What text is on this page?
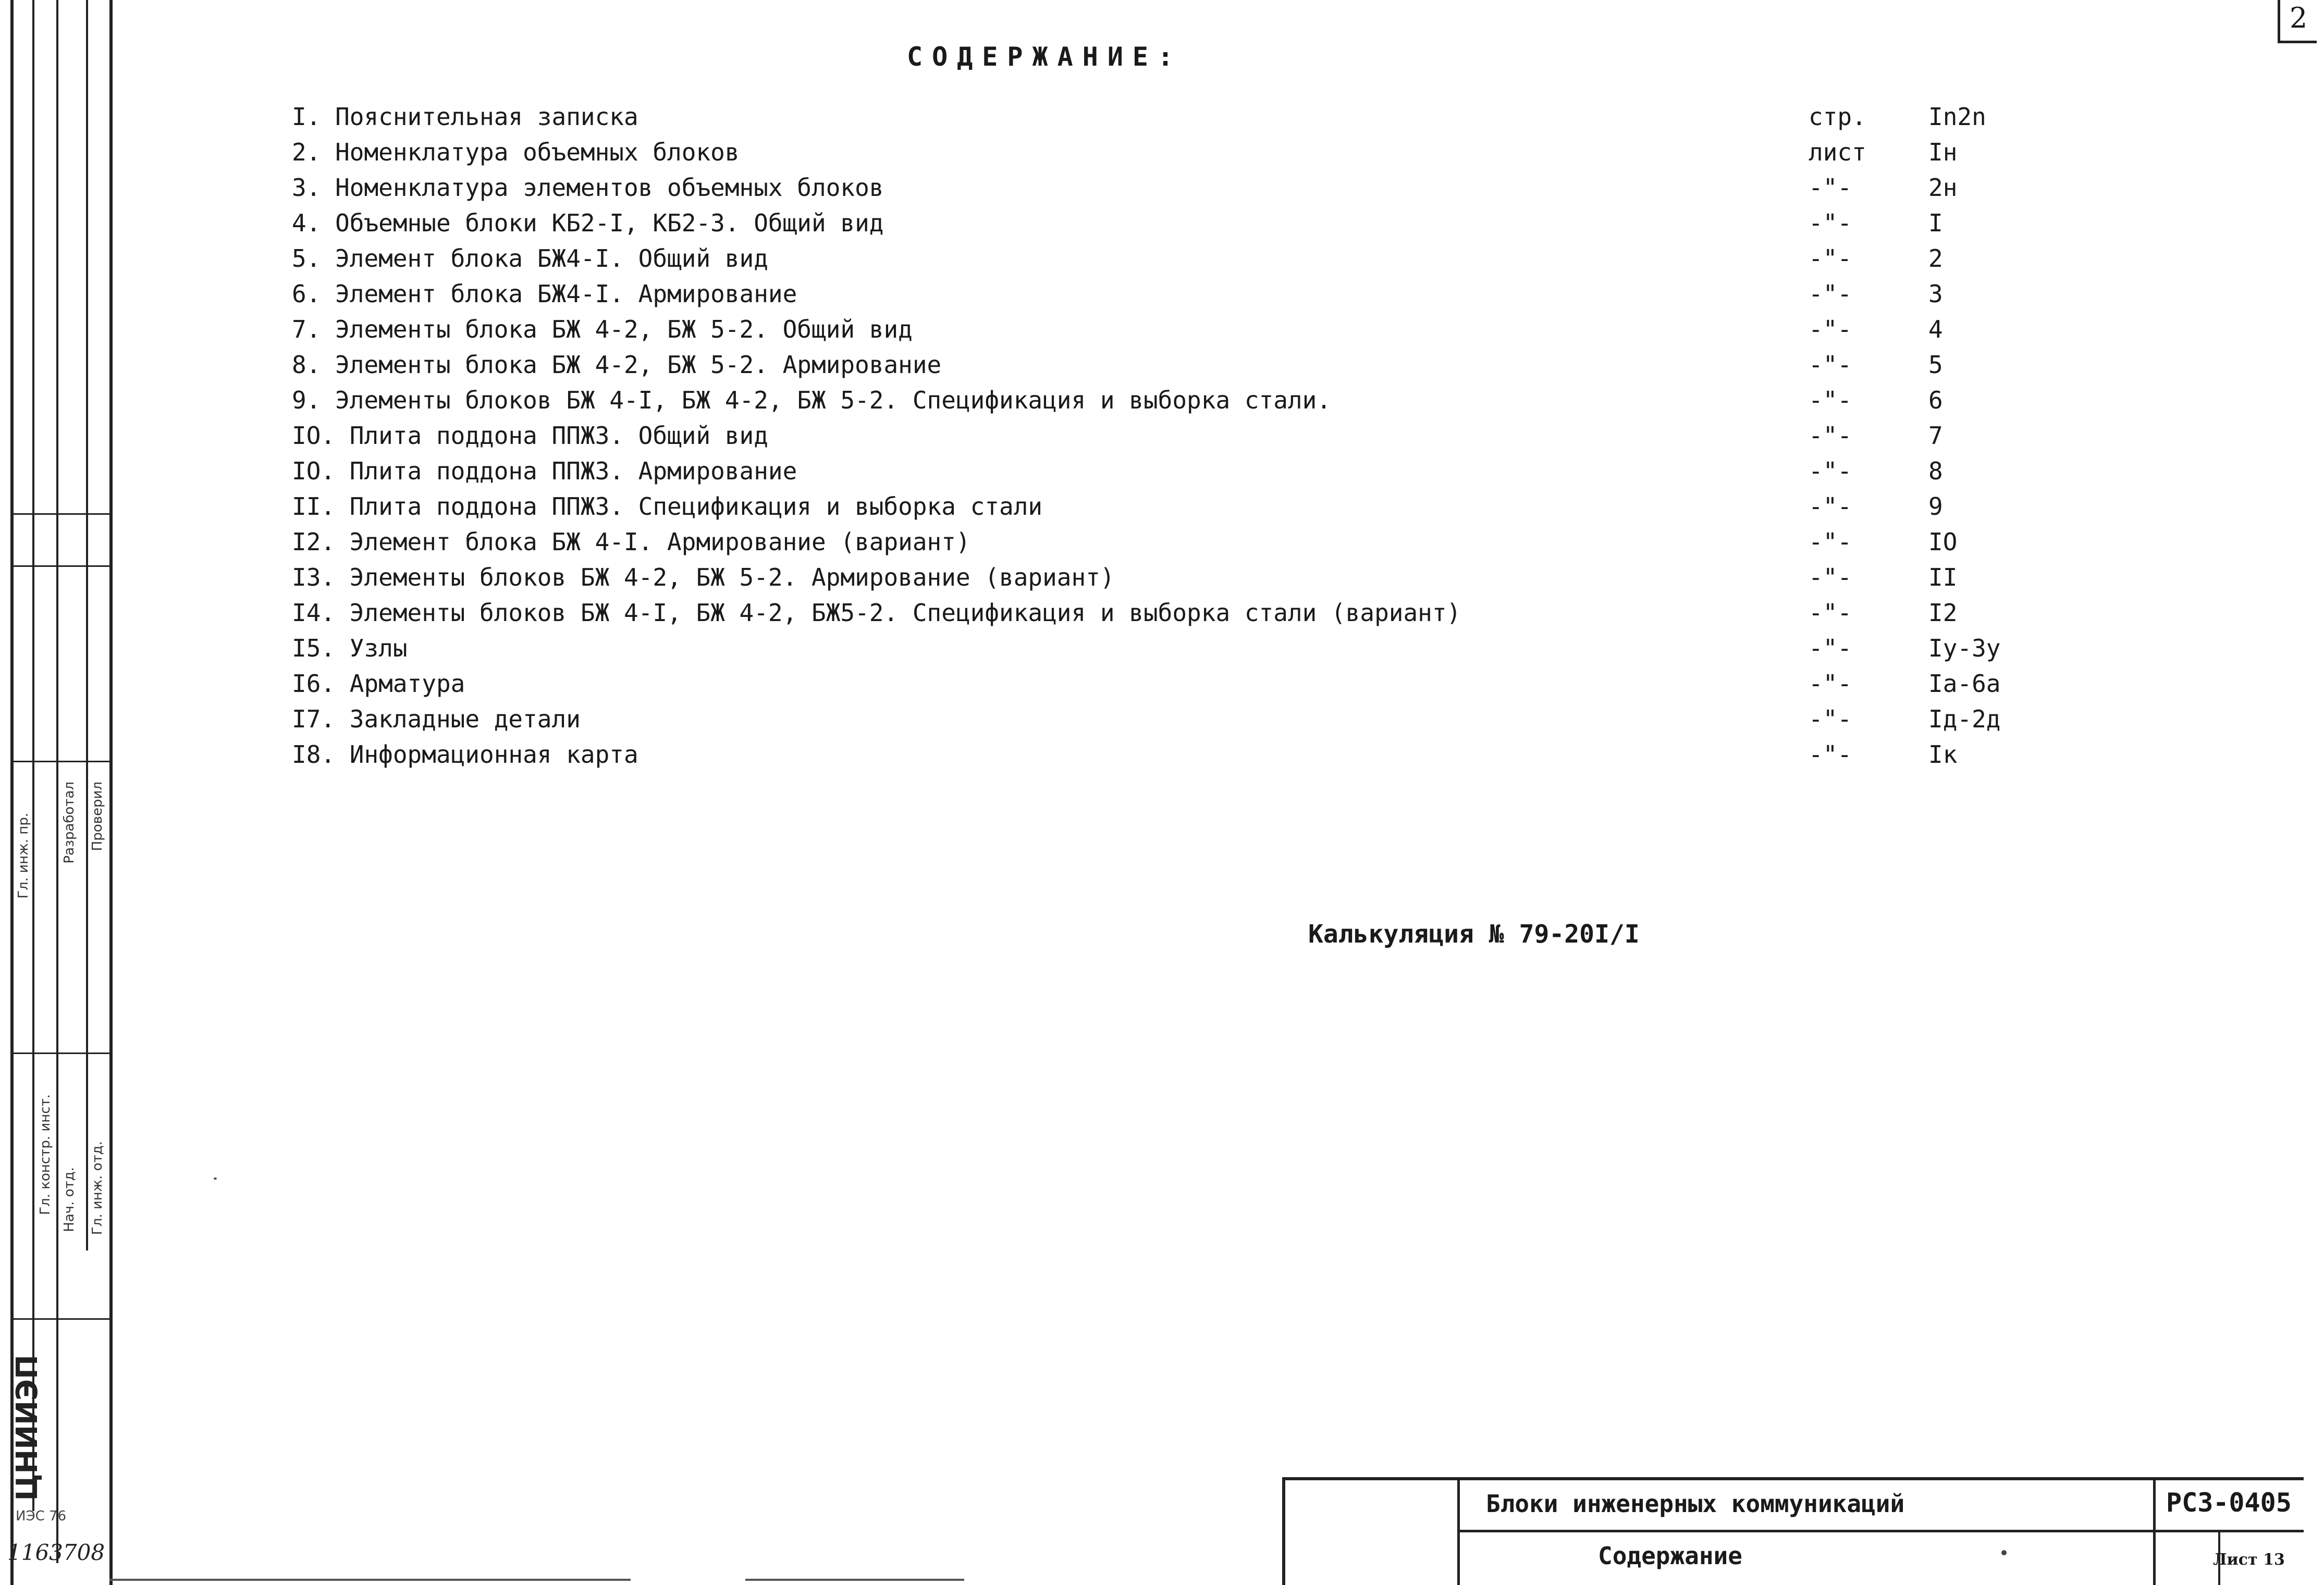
Гл. инж. пр. Разработал Проверил
Гл. констр. инст. Нач. отд. Гл. инж. отд.
ЦНИИЭП
ИЭС 76
1163708
2
СОДЕРЖАНИЕ:
I. Пояснительная записка	стр.	In2n
2. Номенклатура объемных блоков	лист	Iн
3. Номенклатура элементов объемных блоков	-"-	2н
4. Объемные блоки КБ2-I, КБ2-3. Общий вид	-"-	I
5. Элемент блока БЖ4-I. Общий вид	-"-	2
6. Элемент блока БЖ4-I. Армирование	-"-	3
7. Элементы блока БЖ 4-2, БЖ 5-2. Общий вид	-"-	4
8. Элементы блока БЖ 4-2, БЖ 5-2. Армирование	-"-	5
9. Элементы блоков БЖ 4-I, БЖ 4-2, БЖ 5-2. Спецификация и выборка стали.	-"-	6
IO. Плита поддона ППЖ3. Общий вид	-"-	7
IO. Плита поддона ППЖ3. Армирование	-"-	8
II. Плита поддона ППЖ3. Спецификация и выборка стали	-"-	9
I2. Элемент блока БЖ 4-I. Армирование (вариант)	-"-	IO
I3. Элементы блоков БЖ 4-2, БЖ 5-2. Армирование (вариант)	-"-	II
I4. Элементы блоков БЖ 4-I, БЖ 4-2, БЖ5-2. Спецификация и выборка стали (вариант)	-"-	I2
I5. Узлы	-"-	Iу-3у
I6. Арматура	-"-	Iа-6а
I7. Закладные детали	-"-	Iд-2д
I8. Информационная карта	-"-	Iк
Калькуляция № 79-20I/I
Блоки инженерных коммуникаций
Содержание
РС3-0405
Лист 13
